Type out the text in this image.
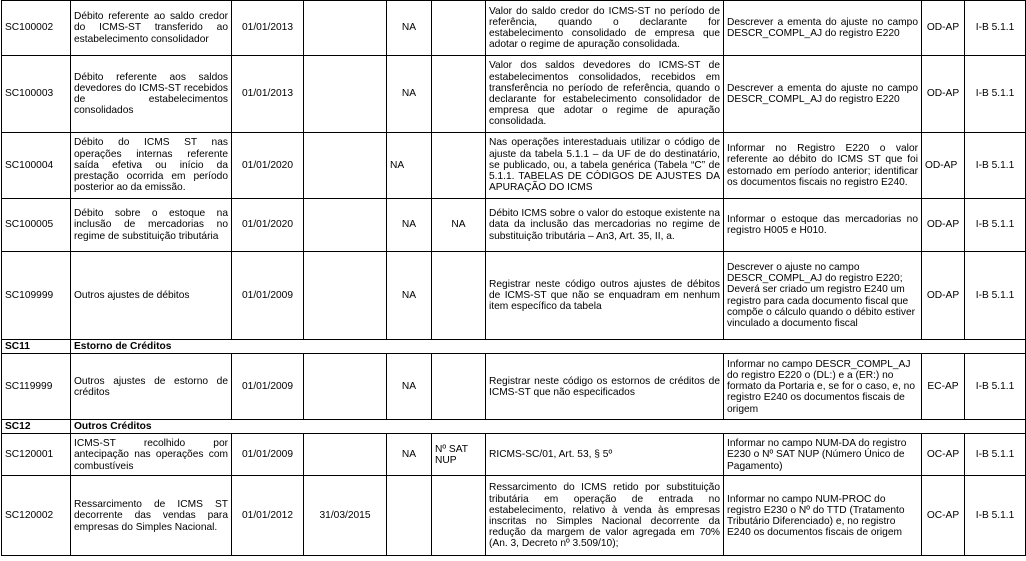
SC100002	Débito referente ao saldo credor do ICMS-ST transferido ao estabelecimento consolidador	01/01/2013		NA		Valor do saldo credor do ICMS-ST no período de referência, quando o declarante for estabelecimento consolidado de empresa que adotar o regime de apuração consolidada.	Descrever a ementa do ajuste no campo DESCR_COMPL_AJ do registro E220	OD-AP	I-B 5.1.1
SC100003	Débito referente aos saldos devedores do ICMS-ST recebidos de estabelecimentos consolidados	01/01/2013		NA		Valor dos saldos devedores do ICMS-ST de estabelecimentos consolidados, recebidos em transferência no período de referência, quando o declarante for estabelecimento consolidador de empresa que adotar o regime de apuração consolidada.	Descrever a ementa do ajuste no campo DESCR_COMPL_AJ do registro E220	OD-AP	I-B 5.1.1
SC100004	Débito do ICMS ST nas operações internas referente saída efetiva ou início da prestação ocorrida em período posterior ao da emissão.	01/01/2020		NA		Nas operações interestaduais utilizar o código de ajuste da tabela 5.1.1 – da UF de do destinatário, se publicado, ou, a tabela genérica (Tabela “C” de 5.1.1. TABELAS DE CÓDIGOS DE AJUSTES DA APURAÇÃO DO ICMS	Informar no Registro E220 o valor referente ao débito do ICMS ST que foi estornado em período anterior; identificar os documentos fiscais no registro E240.	OD-AP	I-B 5.1.1
SC100005	Débito sobre o estoque na inclusão de mercadorias no regime de substituição tributária	01/01/2020		NA	NA	Débito ICMS sobre o valor do estoque existente na data da inclusão das mercadorias no regime de substituição tributária – An3, Art. 35, II, a.	Informar o estoque das mercadorias no registro H005 e H010.	OD-AP	I-B 5.1.1
SC109999	Outros ajustes de débitos	01/01/2009		NA		Registrar neste código outros ajustes de débitos de ICMS-ST que não se enquadram em nenhum item específico da tabela	Descrever o ajuste no campo DESCR_COMPL_AJ do registro E220; Deverá ser criado um registro E240 um registro para cada documento fiscal que compõe o cálculo quando o débito estiver vinculado a documento fiscal	OD-AP	I-B 5.1.1
SC11	Estorno de Créditos								
SC119999	Outros ajustes de estorno de créditos	01/01/2009		NA		Registrar neste código os estornos de créditos de ICMS-ST que não especificados	Informar no campo DESCR_COMPL_AJ do registro E220 o (DL:) e a (ER:) no formato da Portaria e, se for o caso, e, no registro E240 os documentos fiscais de origem	EC-AP	I-B 5.1.1
SC12	Outros Créditos								
SC120001	ICMS-ST recolhido por antecipação nas operações com combustíveis	01/01/2009		NA	Nº SAT NUP	RICMS-SC/01, Art. 53, § 5º	Informar no campo NUM-DA do registro E230 o Nº SAT NUP (Número Único de Pagamento)	OC-AP	I-B 5.1.1
SC120002	Ressarcimento de ICMS ST decorrente das vendas para empresas do Simples Nacional.	01/01/2012	31/03/2015			Ressarcimento do ICMS retido por substituição tributária em operação de entrada no estabelecimento, relativo à venda às empresas inscritas no Simples Nacional decorrente da redução da margem de valor agregada em 70% (An. 3, Decreto nº 3.509/10);	Informar no campo NUM-PROC do registro E230 o Nº do TTD (Tratamento Tributário Diferenciado) e, no registro E240 os documentos fiscais de origem	OC-AP	I-B 5.1.1
